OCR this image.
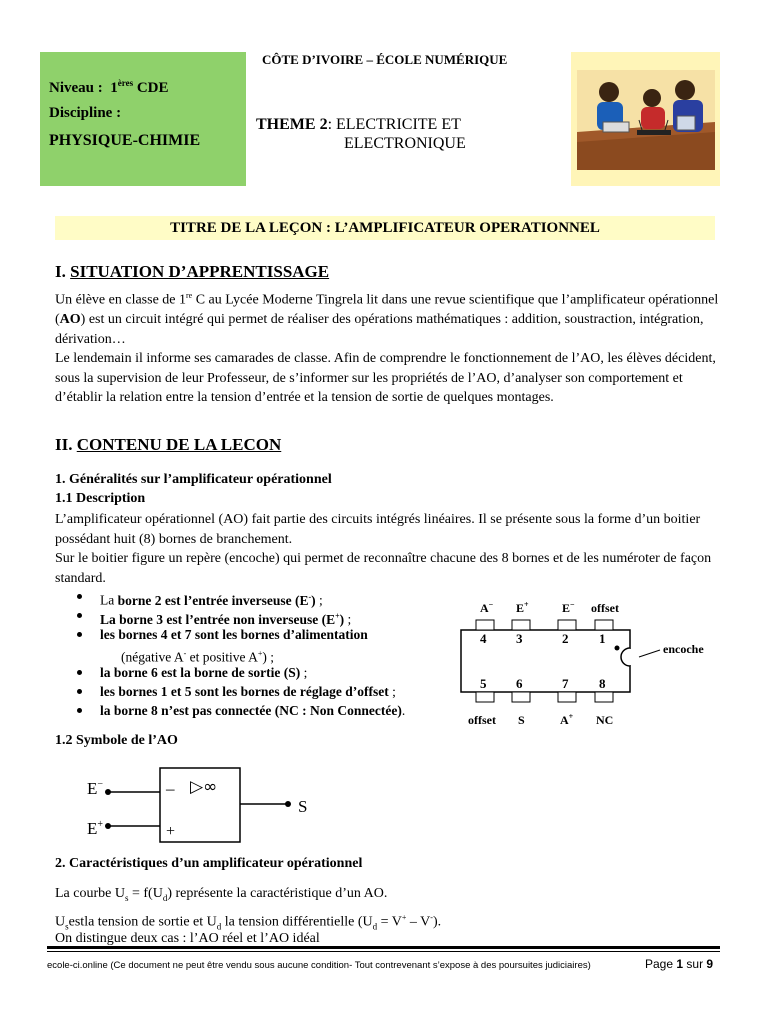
Niveau : 1ères CDE
Discipline :
PHYSIQUE-CHIMIE
CÔTE D’IVOIRE – ÉCOLE NUMÉRIQUE
THEME 2: ELECTRICITE ET
ELECTRONIQUE
TITRE DE LA LEÇON : L’AMPLIFICATEUR OPERATIONNEL
I. SITUATION D’APPRENTISSAGE

Un élève en classe de 1re C au Lycée Moderne Tingrela lit dans une revue scientifique que l’amplificateur opérationnel (AO) est un circuit intégré qui permet de réaliser des opérations mathématiques : addition, soustraction, intégration, dérivation…

Le lendemain il informe ses camarades de classe. Afin de comprendre le fonctionnement de l’AO, les élèves décident, sous la supervision de leur Professeur, de s’informer sur les propriétés de l’AO, d’analyser son comportement et d’établir la relation entre la tension d’entrée et la tension de sortie de quelques montages.

II. CONTENU DE LA LECON
1. Généralités sur l’amplificateur opérationnel
1.1 Description

L’amplificateur opérationnel (AO) fait partie des circuits intégrés linéaires. Il se présente sous la forme d’un boitier possédant huit (8) bornes de branchement.

Sur le boitier figure un repère (encoche) qui permet de reconnaître chacune des 8 bornes et de les numéroter de façon standard.

La borne 2 est l’entrée inverseuse (E-) ;
La borne 3 est l’entrée non inverseuse (E+) ;
les bornes 4 et 7 sont les bornes d’alimentation
(négative A- et positive A+) ;
la borne 6 est la borne de sortie (S) ;
les bornes 1 et 5 sont les bornes de réglage d’offset ;
la borne 8 n’est pas connectée (NC : Non Connectée).
encoche
4 3	2 1
A− E+	E− offset
5 6	7 8
offset S	A+ NC
1.2 Symbole de l’AO
E−
E+
–
+
▷∞
S
2. Caractéristiques d’un amplificateur opérationnel

La courbe $U_s = f(U_d)$ représente la caractéristique d’un AO.

$U_sestla$ tension de sortie et $U_d$ la tension différentielle $(U_d = V^+ - V^-)$.

On distingue deux cas : l’AO réel et l’AO idéal
ecole-ci.online (Ce document ne peut être vendu sous aucune condition- Tout contrevenant s’expose à des poursuites judiciaires)	Page 1 sur 9
